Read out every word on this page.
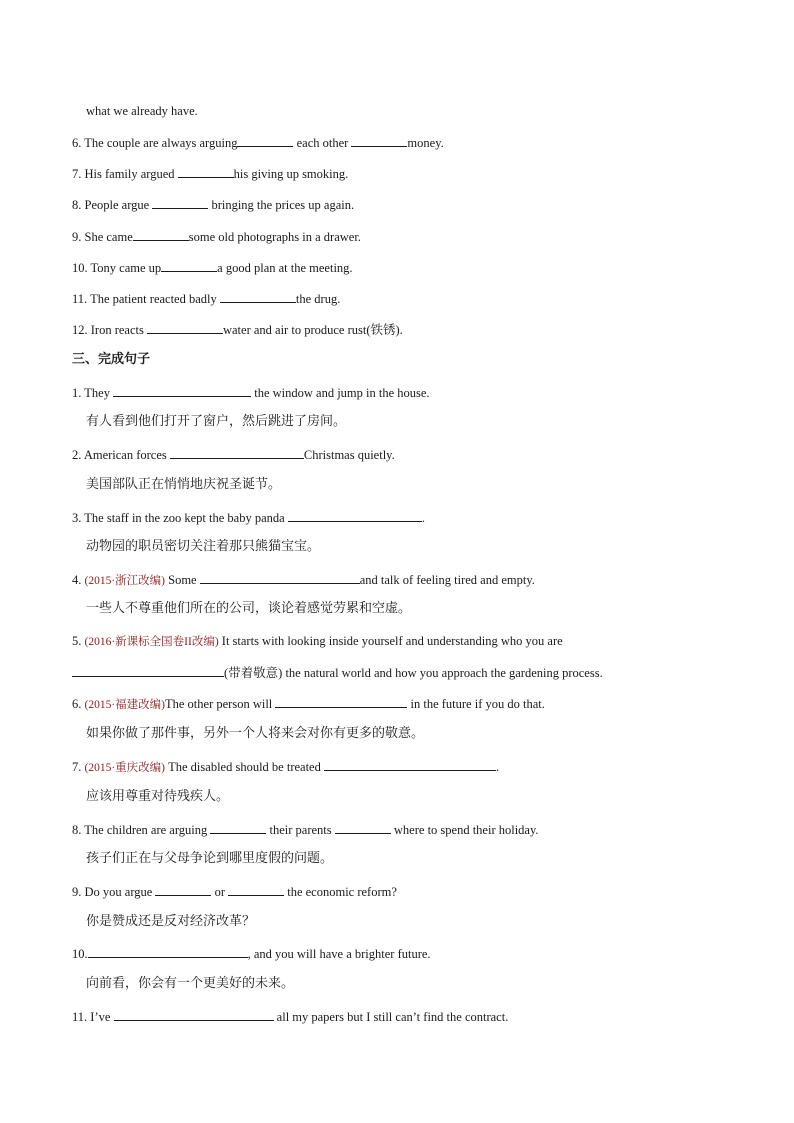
what we already have.
6. The couple are always arguing	each other	money.
7. His family argued	his giving up smoking.
8. People argue	bringing the prices up again.
9. She came	some old photographs in a drawer.
10. Tony came up	a good plan at the meeting.
11. The patient reacted badly	the drug.
12. Iron reacts	water and air to produce rust(铁锈).
三、完成句子
1. They	the window and jump in the house.
有人看到他们打开了窗户，然后跳进了房间。
2. American forces	Christmas quietly.
美国部队正在悄悄地庆祝圣诞节。
3. The staff in the zoo kept the baby panda	.
动物园的职员密切关注着那只熊猫宝宝。
4. (2015·浙江改编) Some	and talk of feeling tired and empty.
一些人不尊重他们所在的公司，谈论着感觉劳累和空虚。
5. (2016·新课标全国卷II改编) It starts with looking inside yourself and understanding who you are
(带着敬意) the natural world and how you approach the gardening process.
6. (2015·福建改编)The other person will	in the future if you do that.
如果你做了那件事，另外一个人将来会对你有更多的敬意。
7. (2015·重庆改编) The disabled should be treated	.
应该用尊重对待残疾人。
8. The children are arguing	their parents	where to spend their holiday.
孩子们正在与父母争论到哪里度假的问题。
9. Do you argue	or	the economic reform?
你是赞成还是反对经济改革？
10.	, and you will have a brighter future.
向前看，你会有一个更美好的未来。
11. I’ve	all my papers but I still can’t find the contract.
